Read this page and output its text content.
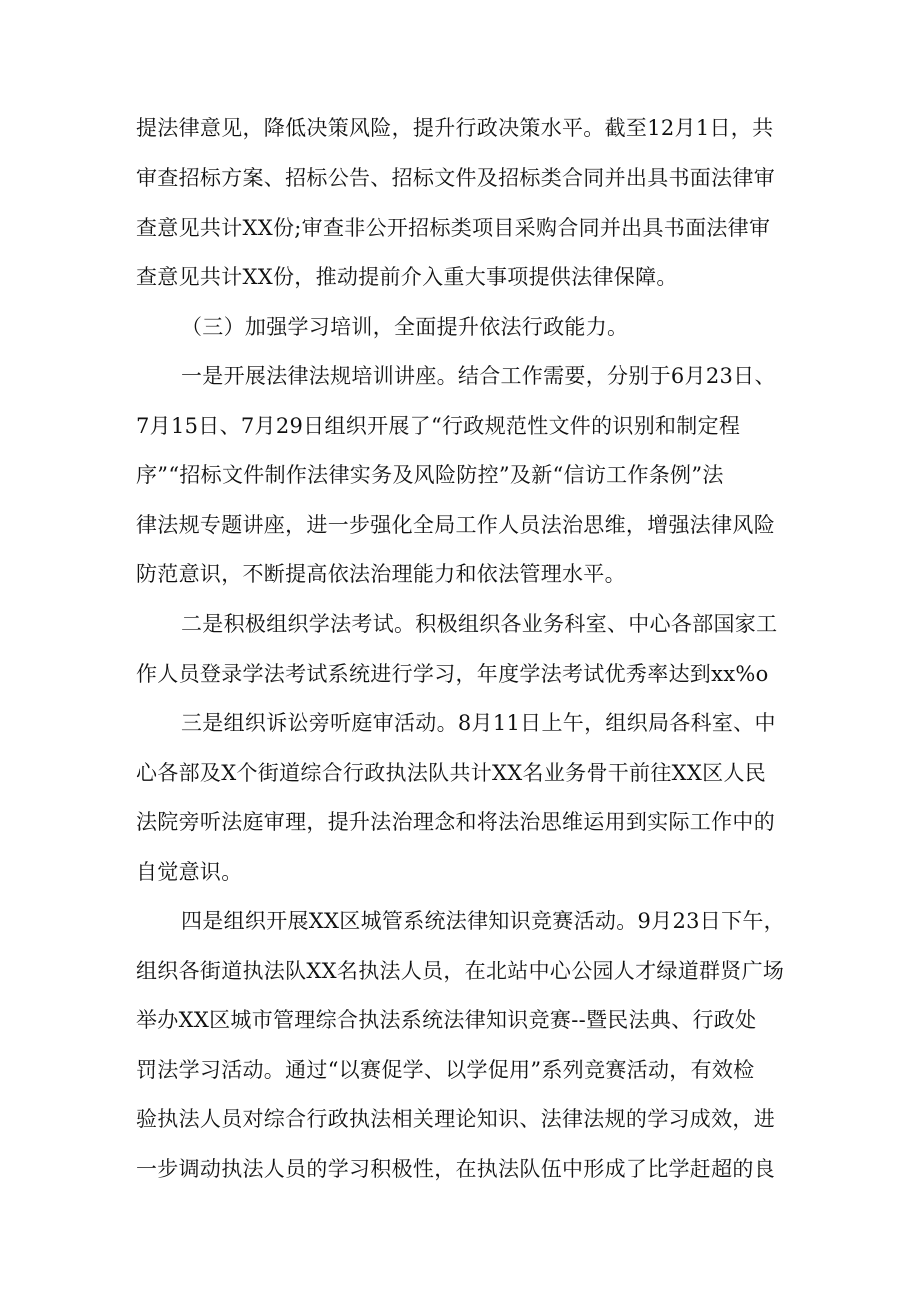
提法律意见，降低决策风险，提升行政决策水平。截至12月1日，共
审查招标方案、招标公告、招标文件及招标类合同并出具书面法律审
查意见共计XX份;审查非公开招标类项目采购合同并出具书面法律审
查意见共计XX份，推动提前介入重大事项提供法律保障。
（三）加强学习培训，全面提升依法行政能力。
一是开展法律法规培训讲座。结合工作需要，分别于6月23日、
7月15日、7月29日组织开展了“行政规范性文件的识别和制定程
序”“招标文件制作法律实务及风险防控”及新“信访工作条例”法
律法规专题讲座，进一步强化全局工作人员法治思维，增强法律风险
防范意识，不断提高依法治理能力和依法管理水平。
二是积极组织学法考试。积极组织各业务科室、中心各部国家工
作人员登录学法考试系统进行学习，年度学法考试优秀率达到xx%o
三是组织诉讼旁听庭审活动。8月11日上午，组织局各科室、中
心各部及X个街道综合行政执法队共计XX名业务骨干前往XX区人民
法院旁听法庭审理，提升法治理念和将法治思维运用到实际工作中的
自觉意识。
四是组织开展XX区城管系统法律知识竞赛活动。9月23日下午，
组织各街道执法队XX名执法人员，在北站中心公园人才绿道群贤广场
举办XX区城市管理综合执法系统法律知识竞赛--暨民法典、行政处
罚法学习活动。通过“以赛促学、以学促用”系列竞赛活动，有效检
验执法人员对综合行政执法相关理论知识、法律法规的学习成效，进
一步调动执法人员的学习积极性，在执法队伍中形成了比学赶超的良
